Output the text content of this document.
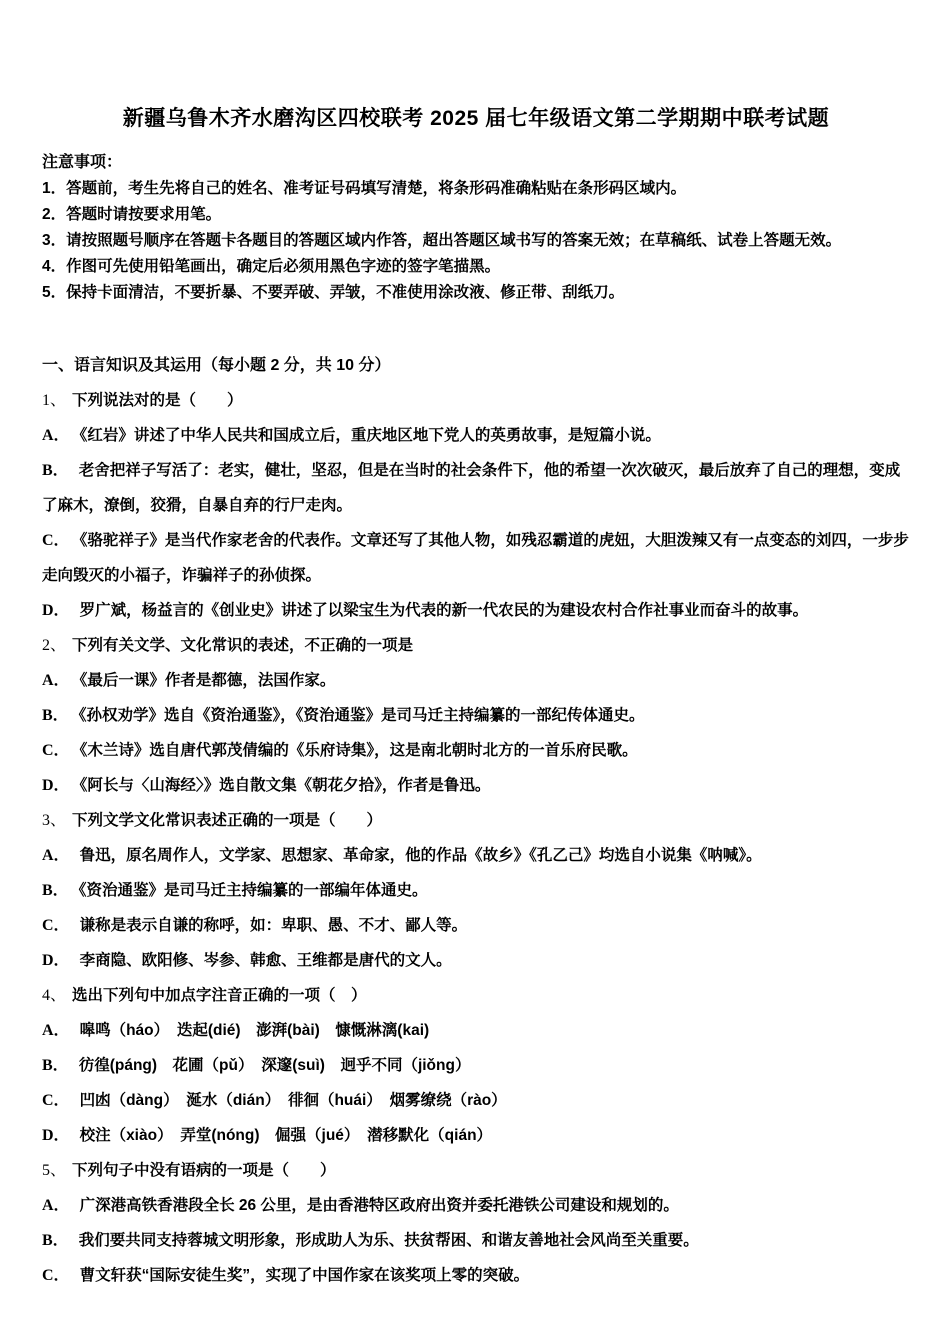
新疆乌鲁木齐水磨沟区四校联考 2025 届七年级语文第二学期期中联考试题

注意事项：

1．答题前，考生先将自己的姓名、准考证号码填写清楚，将条形码准确粘贴在条形码区域内。

2．答题时请按要求用笔。

3．请按照题号顺序在答题卡各题目的答题区域内作答，超出答题区域书写的答案无效；在草稿纸、试卷上答题无效。

4．作图可先使用铅笔画出，确定后必须用黑色字迹的签字笔描黑。

5．保持卡面清洁，不要折暴、不要弄破、弄皱，不准使用涂改液、修正带、刮纸刀。

一、语言知识及其运用（每小题 2 分，共 10 分）

1、 下列说法对的是（　　）

A． 《红岩》讲述了中华人民共和国成立后，重庆地区地下党人的英勇故事，是短篇小说。

B． 老舍把祥子写活了：老实，健壮，坚忍，但是在当时的社会条件下，他的希望一次次破灭，最后放弃了自己的理想，变成了麻木，潦倒，狡猾，自暴自弃的行尸走肉。

C． 《骆驼祥子》是当代作家老舍的代表作。文章还写了其他人物，如残忍霸道的虎妞，大胆泼辣又有一点变态的刘四，一步步走向毁灭的小福子，诈骗祥子的孙侦探。

D． 罗广斌，杨益言的《创业史》讲述了以梁宝生为代表的新一代农民的为建设农村合作社事业而奋斗的故事。

2、 下列有关文学、文化常识的表述，不正确的一项是

A． 《最后一课》作者是都德，法国作家。

B． 《孙权劝学》选自《资治通鉴》，《资治通鉴》是司马迁主持编纂的一部纪传体通史。

C． 《木兰诗》选自唐代郭茂倩编的《乐府诗集》，这是南北朝时北方的一首乐府民歌。

D． 《阿长与〈山海经〉》选自散文集《朝花夕拾》，作者是鲁迅。

3、 下列文学文化常识表述正确的一项是（　　）

A． 鲁迅，原名周作人，文学家、思想家、革命家，他的作品《故乡》《孔乙己》均选自小说集《呐喊》。

B． 《资治通鉴》是司马迁主持编纂的一部编年体通史。

C． 谦称是表示自谦的称呼，如：卑职、愚、不才、鄙人等。

D． 李商隐、欧阳修、岑参、韩愈、王维都是唐代的文人。

4、 选出下列句中加点字注音正确的一项（　）

A． 嗥鸣（háo）　迭起(dié)　澎湃(bài)　慷慨淋漓(kai)

B． 彷徨(páng)　花圃（pǔ）　深邃(suì)　迥乎不同（jiǒng）

C． 凹凼（dàng）　涎水（dián）　徘徊（huái）　烟雾缭绕（rào）

D． 校注（xiào）　弄堂(nóng)　倔强（jué）　潜移默化（qián）

5、 下列句子中没有语病的一项是（　　）

A． 广深港高铁香港段全长 26 公里，是由香港特区政府出资并委托港铁公司建设和规划的。

B． 我们要共同支持蓉城文明形象，形成助人为乐、扶贫帮困、和谐友善地社会风尚至关重要。

C． 曹文轩获“国际安徒生奖”，实现了中国作家在该奖项上零的突破。
